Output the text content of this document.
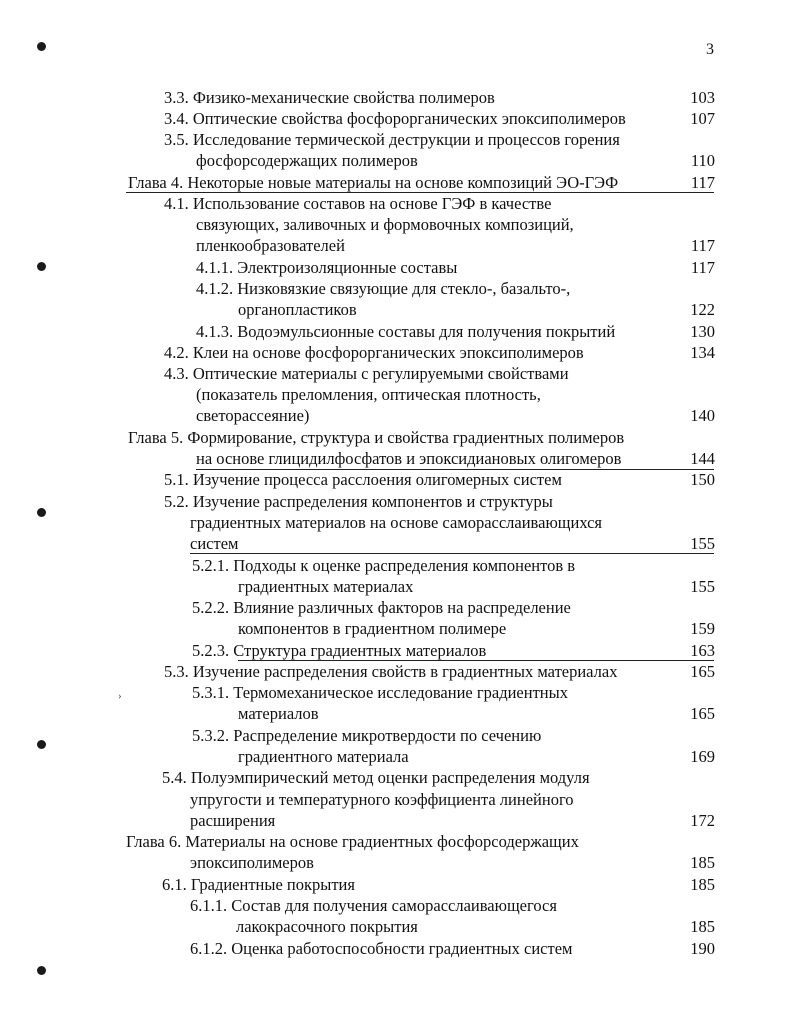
›
3
3.3. Физико-механические свойства полимеров	103
3.4. Оптические свойства фосфорорганических эпоксиполимеров	107
3.5. Исследование термической деструкции и процессов горения
фосфорсодержащих полимеров	110
Глава 4. Некоторые новые материалы на основе композиций ЭО-ГЭФ	117
4.1. Использование составов на основе ГЭФ в качестве
связующих, заливочных и формовочных композиций,
пленкообразователей	117
4.1.1. Электроизоляционные составы	117
4.1.2. Низковязкие связующие для стекло-, базальто-,
органопластиков	122
4.1.3. Водоэмульсионные составы для получения покрытий	130
4.2. Клеи на основе фосфорорганических эпоксиполимеров	134
4.3. Оптические материалы с регулируемыми свойствами
(показатель преломления, оптическая плотность,
светорассеяние)	140
Глава 5. Формирование, структура и свойства градиентных полимеров
на основе глицидилфосфатов и эпоксидиановых олигомеров	144
5.1. Изучение процесса расслоения олигомерных систем	150
5.2. Изучение распределения компонентов и структуры
градиентных материалов на основе саморасслаивающихся
систем	155
5.2.1. Подходы к оценке распределения компонентов в
градиентных материалах	155
5.2.2. Влияние различных факторов на распределение
компонентов в градиентном полимере	159
5.2.3. Структура градиентных материалов	163
5.3. Изучение распределения свойств в градиентных материалах	165
5.3.1. Термомеханическое исследование градиентных
материалов	165
5.3.2. Распределение микротвердости по сечению
градиентного материала	169
5.4. Полуэмпирический метод оценки распределения модуля
упругости и температурного коэффициента линейного
расширения	172
Глава 6. Материалы на основе градиентных фосфорсодержащих
эпоксиполимеров	185
6.1. Градиентные покрытия	185
6.1.1. Состав для получения саморасслаивающегося
лакокрасочного покрытия	185
6.1.2. Оценка работоспособности градиентных систем	190
